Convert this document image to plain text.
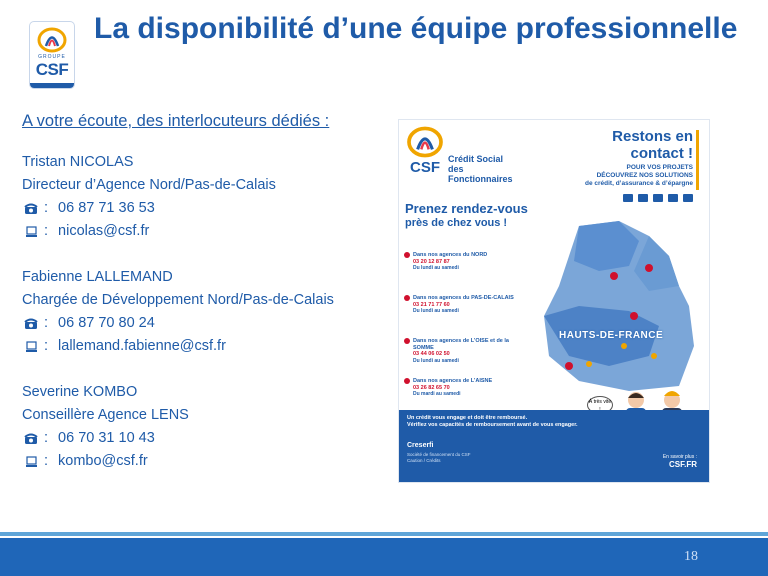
GROUPE
CSF
La disponibilité d’une équipe professionnelle
A votre écoute, des interlocuteurs dédiés :
Tristan NICOLAS
Directeur d’Agence Nord/Pas-de-Calais
: 06 87 71 36 53
: nicolas@csf.fr
Fabienne LALLEMAND
Chargée de Développement Nord/Pas-de-Calais
: 06 87 70 80 24
: lallemand.fabienne@csf.fr
Severine KOMBO
Conseillère Agence LENS
: 06 70 31 10 43
: kombo@csf.fr
CSF Crédit Social des Fonctionnaires
Restons en
contact !
POUR VOS PROJETS
DÉCOUVREZ NOS SOLUTIONS
de crédit, d’assurance & d’épargne
Prenez rendez-vous
près de chez vous !
HAUTS-DE-FRANCE
Dans nos agences du NORD
03 20 12 87 87
Du lundi au samedi
Dans nos agences du PAS-DE-CALAIS
03 21 71 77 60
Du lundi au samedi
Dans nos agences de L’OISE et de la SOMME
03 44 06 02 50
Du lundi au samedi
Dans nos agences de L’AISNE
03 26 82 65 70
Du mardi au samedi
À très vite
Un crédit vous engage et doit être remboursé.
Vérifiez vos capacités de remboursement avant de vous engager.
Creserfi
Société de financement du CSF
Caution / Crédits
En savoir plus :
CSF.FR
18
